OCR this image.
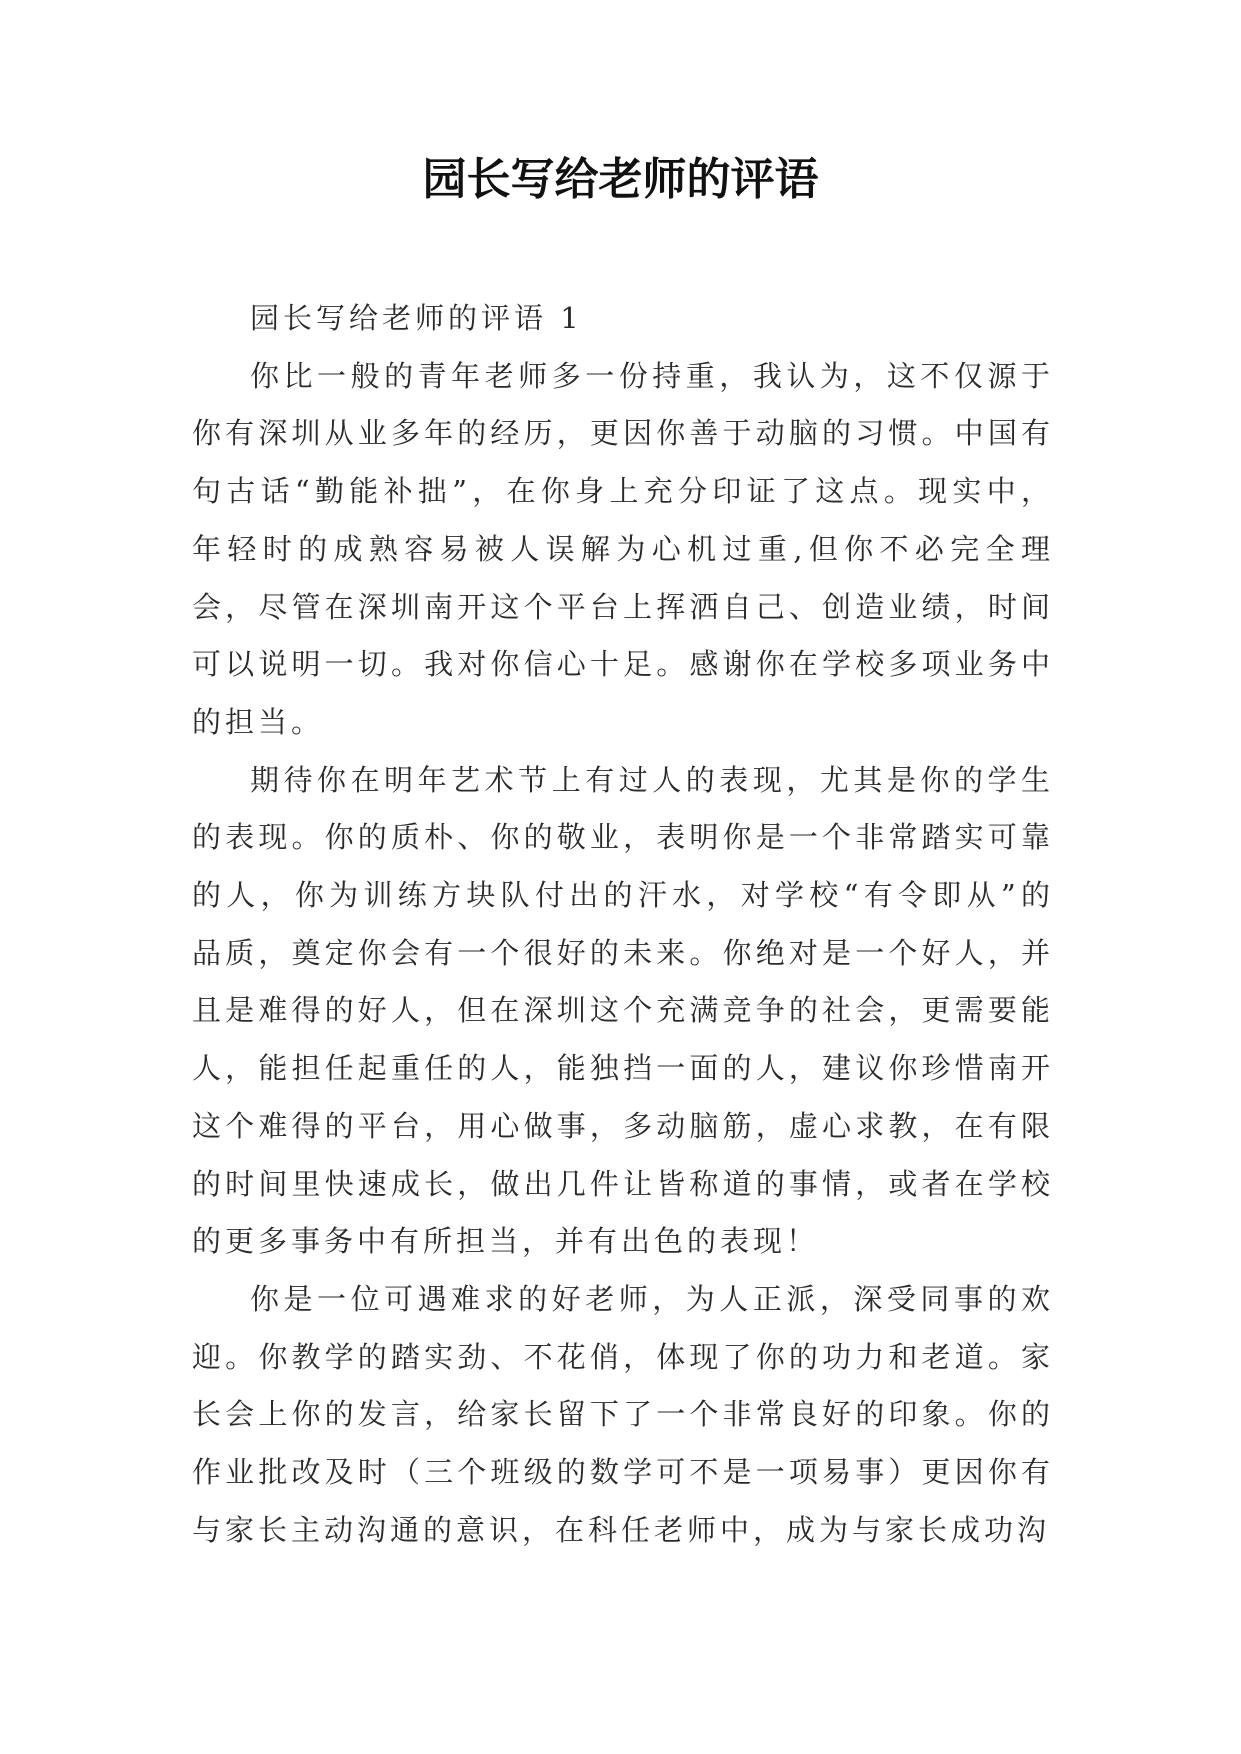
园长写给老师的评语

园长写给老师的评语 1

你比一般的青年老师多一份持重，我认为，这不仅源于你有深圳从业多年的经历，更因你善于动脑的习惯。中国有句古话“勤能补拙”，在你身上充分印证了这点。现实中，年轻时的成熟容易被人误解为心机过重,但你不必完全理会，尽管在深圳南开这个平台上挥洒自己、创造业绩，时间可以说明一切。我对你信心十足。感谢你在学校多项业务中的担当。

期待你在明年艺术节上有过人的表现，尤其是你的学生的表现。你的质朴、你的敬业，表明你是一个非常踏实可靠的人，你为训练方块队付出的汗水，对学校“有令即从”的品质，奠定你会有一个很好的未来。你绝对是一个好人，并且是难得的好人，但在深圳这个充满竞争的社会，更需要能人，能担任起重任的人，能独挡一面的人，建议你珍惜南开这个难得的平台，用心做事，多动脑筋，虚心求教，在有限的时间里快速成长，做出几件让皆称道的事情，或者在学校的更多事务中有所担当，并有出色的表现！

你是一位可遇难求的好老师，为人正派，深受同事的欢迎。你教学的踏实劲、不花俏，体现了你的功力和老道。家长会上你的发言，给家长留下了一个非常良好的印象。你的作业批改及时（三个班级的数学可不是一项易事）更因你有与家长主动沟通的意识，在科任老师中，成为与家长成功沟
